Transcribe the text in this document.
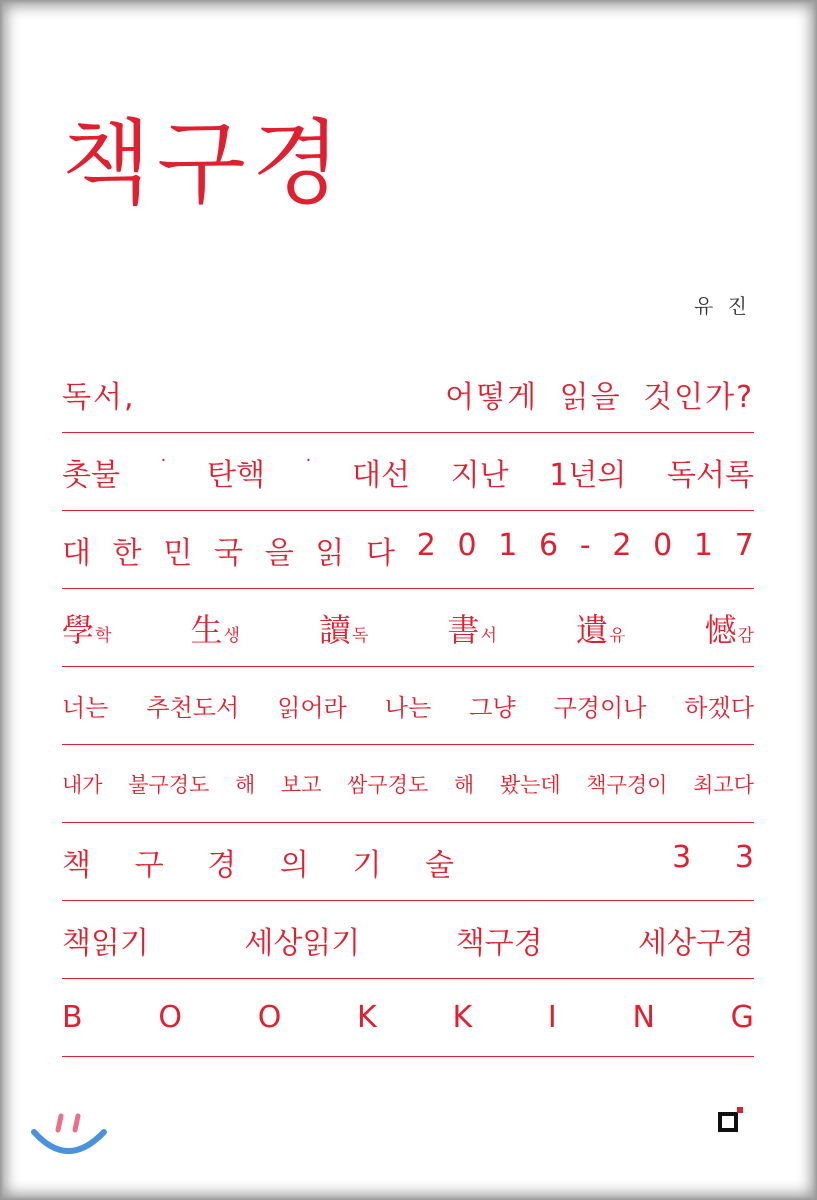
책구경
유 진
독서,	어떻게 읽을 것인가?
촛불 · 탄핵 · 대선 지난 1년의 독서록
대 한 민 국 을 읽 다 2 0 1 6 - 2 0 1 7
學학 生생 讀독 書서 遺유 憾감
너는 추천도서 읽어라 나는 그냥 구경이나 하겠다
내가 불구경도 해 보고 쌈구경도 해 봤는데 책구경이 최고다
책 구 경 의 기 술	3 3
책읽기	세상읽기	책구경	세상구경
B	O	O	K	K	I	N	G
